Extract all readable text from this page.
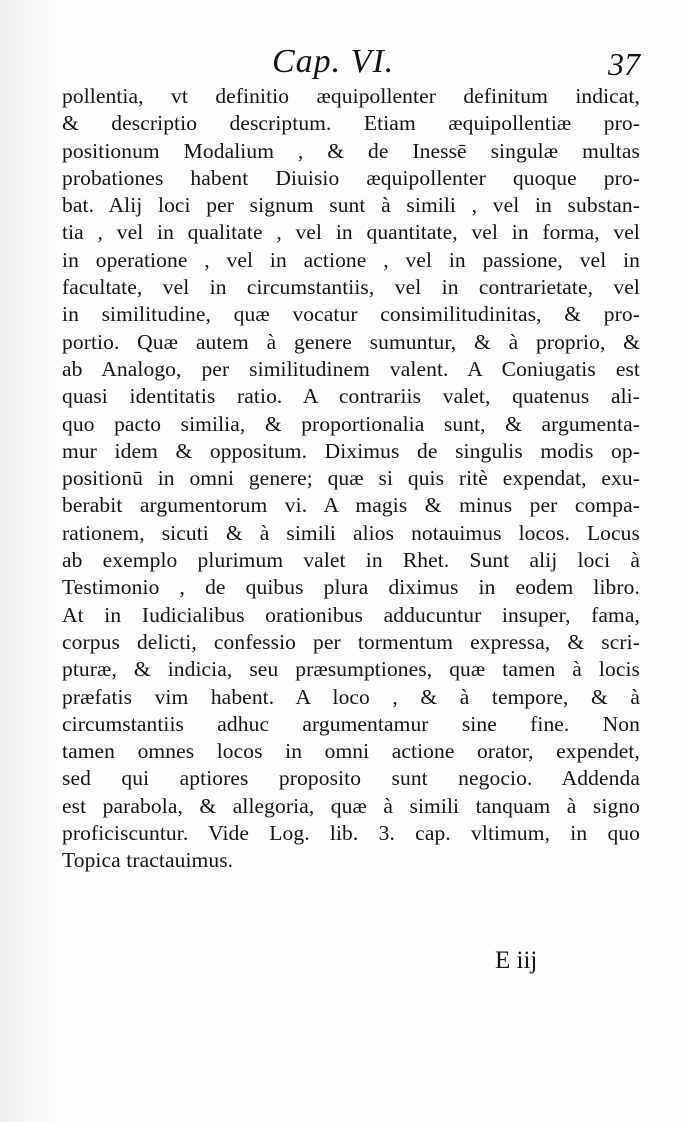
Cap. VI.	37
pollentia, vt definitio æquipollenter definitum indicat,
& descriptio descriptum. Etiam æquipollentiæ pro-
positionum Modalium , & de Inessē singulæ multas
probationes habent Diuisio æquipollenter quoque pro-
bat. Alij loci per signum sunt à simili , vel in substan-
tia , vel in qualitate , vel in quantitate, vel in forma, vel
in operatione , vel in actione , vel in passione, vel in
facultate, vel in circumstantiis, vel in contrarietate, vel
in similitudine, quæ vocatur consimilitudinitas, & pro-
portio. Quæ autem à genere sumuntur, & à proprio, &
ab Analogo, per similitudinem valent. A Coniugatis est
quasi identitatis ratio. A contrariis valet, quatenus ali-
quo pacto similia, & proportionalia sunt, & argumenta-
mur idem & oppositum. Diximus de singulis modis op-
positionū in omni genere; quæ si quis ritè expendat, exu-
berabit argumentorum vi. A magis & minus per compa-
rationem, sicuti & à simili alios notauimus locos. Locus
ab exemplo plurimum valet in Rhet. Sunt alij loci à
Testimonio , de quibus plura diximus in eodem libro.
At in Iudicialibus orationibus adducuntur insuper, fama,
corpus delicti, confessio per tormentum expressa, & scri-
pturæ, & indicia, seu præsumptiones, quæ tamen à locis
præfatis vim habent. A loco , & à tempore, & à
circumstantiis adhuc argumentamur sine fine. Non
tamen omnes locos in omni actione orator, expendet,
sed qui aptiores proposito sunt negocio. Addenda
est parabola, & allegoria, quæ à simili tanquam à signo
proficiscuntur. Vide Log. lib. 3. cap. vltimum, in quo
Topica tractauimus.
E iij
